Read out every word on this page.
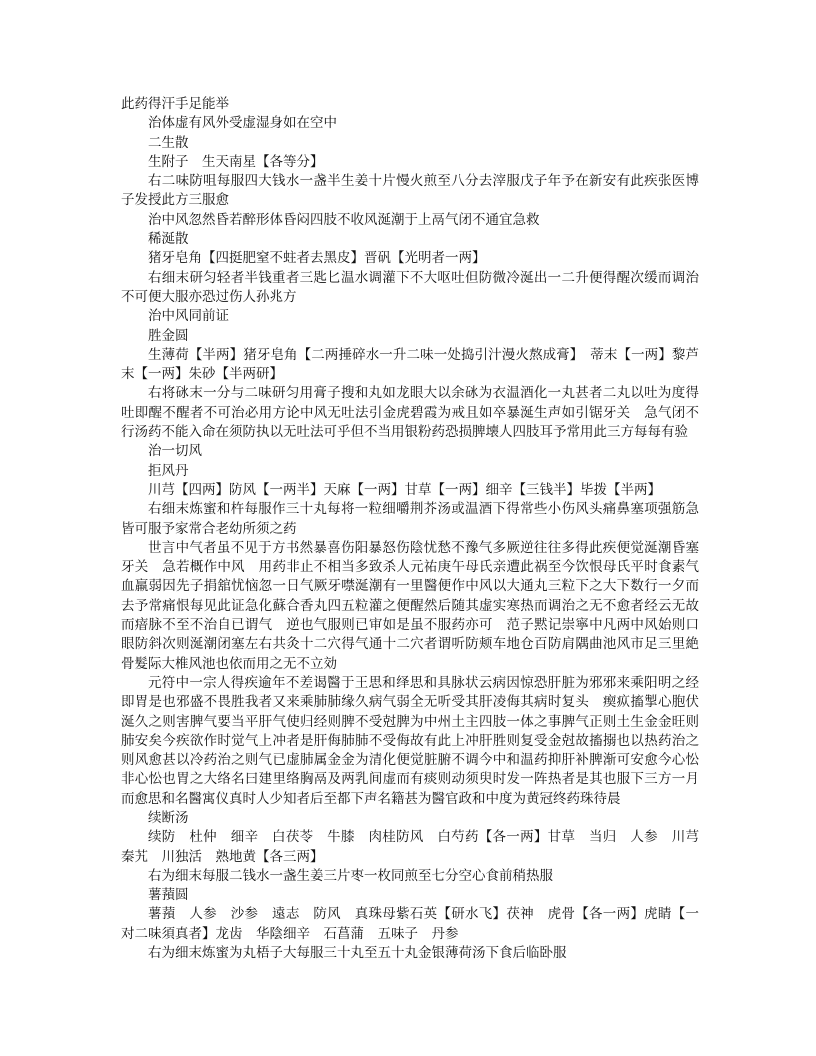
此药得汗手足能举

治体虚有风外受虚湿身如在空中

二生散

生附子　生天南星【各等分】

右二味防咀每服四大钱水一盏半生姜十片慢火煎至八分去滓服戊子年予在新安有此疾张医博子发授此方三服愈

治中风忽然昏若醉形体昏闷四肢不收风涎潮于上鬲气闭不通宜急救

稀涎散

猪牙皂角【四挺肥窒不蛀者去黑皮】晋矾【光明者一两】

右细末研匀轻者半钱重者三匙匕温水调灌下不大呕吐但防微冷涎出一二升便得醒次缓而调治不可便大服亦恐过伤人孙兆方

治中风同前证

胜金圆

生薄荷【半两】猪牙皂角【二两捶碎水一升二味一处捣引汁漫火熬成膏】　蒂末【一两】黎芦末【一两】朱砂【半两研】

右将砯末一分与二味研匀用膏子搜和丸如龙眼大以余砯为衣温酒化一丸甚者二丸以吐为度得吐即醒不醒者不可治必用方论中风无吐法引金虎碧霞为戒且如卒暴涎生声如引锯牙关　急气闭不行汤药不能入命在须防执以无吐法可乎但不当用银粉药恐损脾壊人四肢耳予常用此三方每每有验

治一切风

拒风丹

川芎【四两】防风【一两半】天麻【一两】甘草【一两】细辛【三钱半】毕拨【半两】

右细末炼蜜和杵每服作三十丸每将一粒细嚼荆芥汤或温酒下得常些小伤风头痛鼻塞项强筋急皆可服予家常合老幼所须之药

世言中气者虽不见于方书然暴喜伤阳暴怒伤陰忧愁不豫气多厥逆往往多得此疾便觉涎潮昏塞牙关　急若概作中风　用药非止不相当多致杀人元祐庚午母氏亲遭此祸至今饮恨母氏平时食素气血羸弱因先子捐舘忧恼忽一日气厥牙噤涎潮有一里醫便作中风以大通丸三粒下之大下数行一夕而去予常痛恨每见此证急化蘇合香丸四五粒灌之便醒然后随其虚实寒热而调治之无不愈者经云无故而瘖脉不至不治自已谓气　逆也气服则已审如是虽不服药亦可　范子黙记崇寧中凡两中风始则口眼防斜次则涎潮闭塞左右共灸十二穴得气通十二穴者谓听防颊车地仓百防肩隅曲池风市足三里絶骨髮际大椎风池也依而用之无不立効

元符中一宗人得疾逾年不差谒醫于王思和绎思和具脉状云病因惊恐肝脏为邪邪来乘阳明之经即胃是也邪盛不畏胜我者又来乘肺肺缘久病气弱全无听受其肝凌侮其病时复头　瘈疭搐掣心胞伏涎久之则害脾气要当平肝气使归经则脾不受尅脾为中州土主四肢一体之事脾气正则土生金金旺则肺安矣今疾欲作时觉气上冲者是肝侮肺肺不受侮故有此上冲肝胜则复受金尅故搐搦也以热药治之则风愈甚以冷药治之则气已虚肺属金金为清化便觉脏腑不调今中和温药抑肝补脾渐可安愈今心忪非心忪也胃之大络名曰建里络胸鬲及两乳间虚而有痰则动须臾时发一阵热者是其也服下三方一月而愈思和名醫寓仪真时人少知者后至都下声名籍甚为醫官政和中度为黄冠终药珠待晨

续断汤

续防　杜仲　细辛　白茯苓　牛膝　肉桂防风　白芍药【各一两】甘草　当归　人参　川芎　秦艽　川独活　熟地黄【各三两】

右为细末每服二钱水一盏生姜三片枣一枚同煎至七分空心食前稍热服

薯蕷圆

薯蕷　人参　沙参　遠志　防风　真珠母紫石英【研水飞】茯神　虎骨【各一两】虎睛【一对二味須真者】龙齿　华陰细辛　石菖蒲　五味子　丹参

右为细末炼蜜为丸梧子大每服三十丸至五十丸金银薄荷汤下食后临卧服
